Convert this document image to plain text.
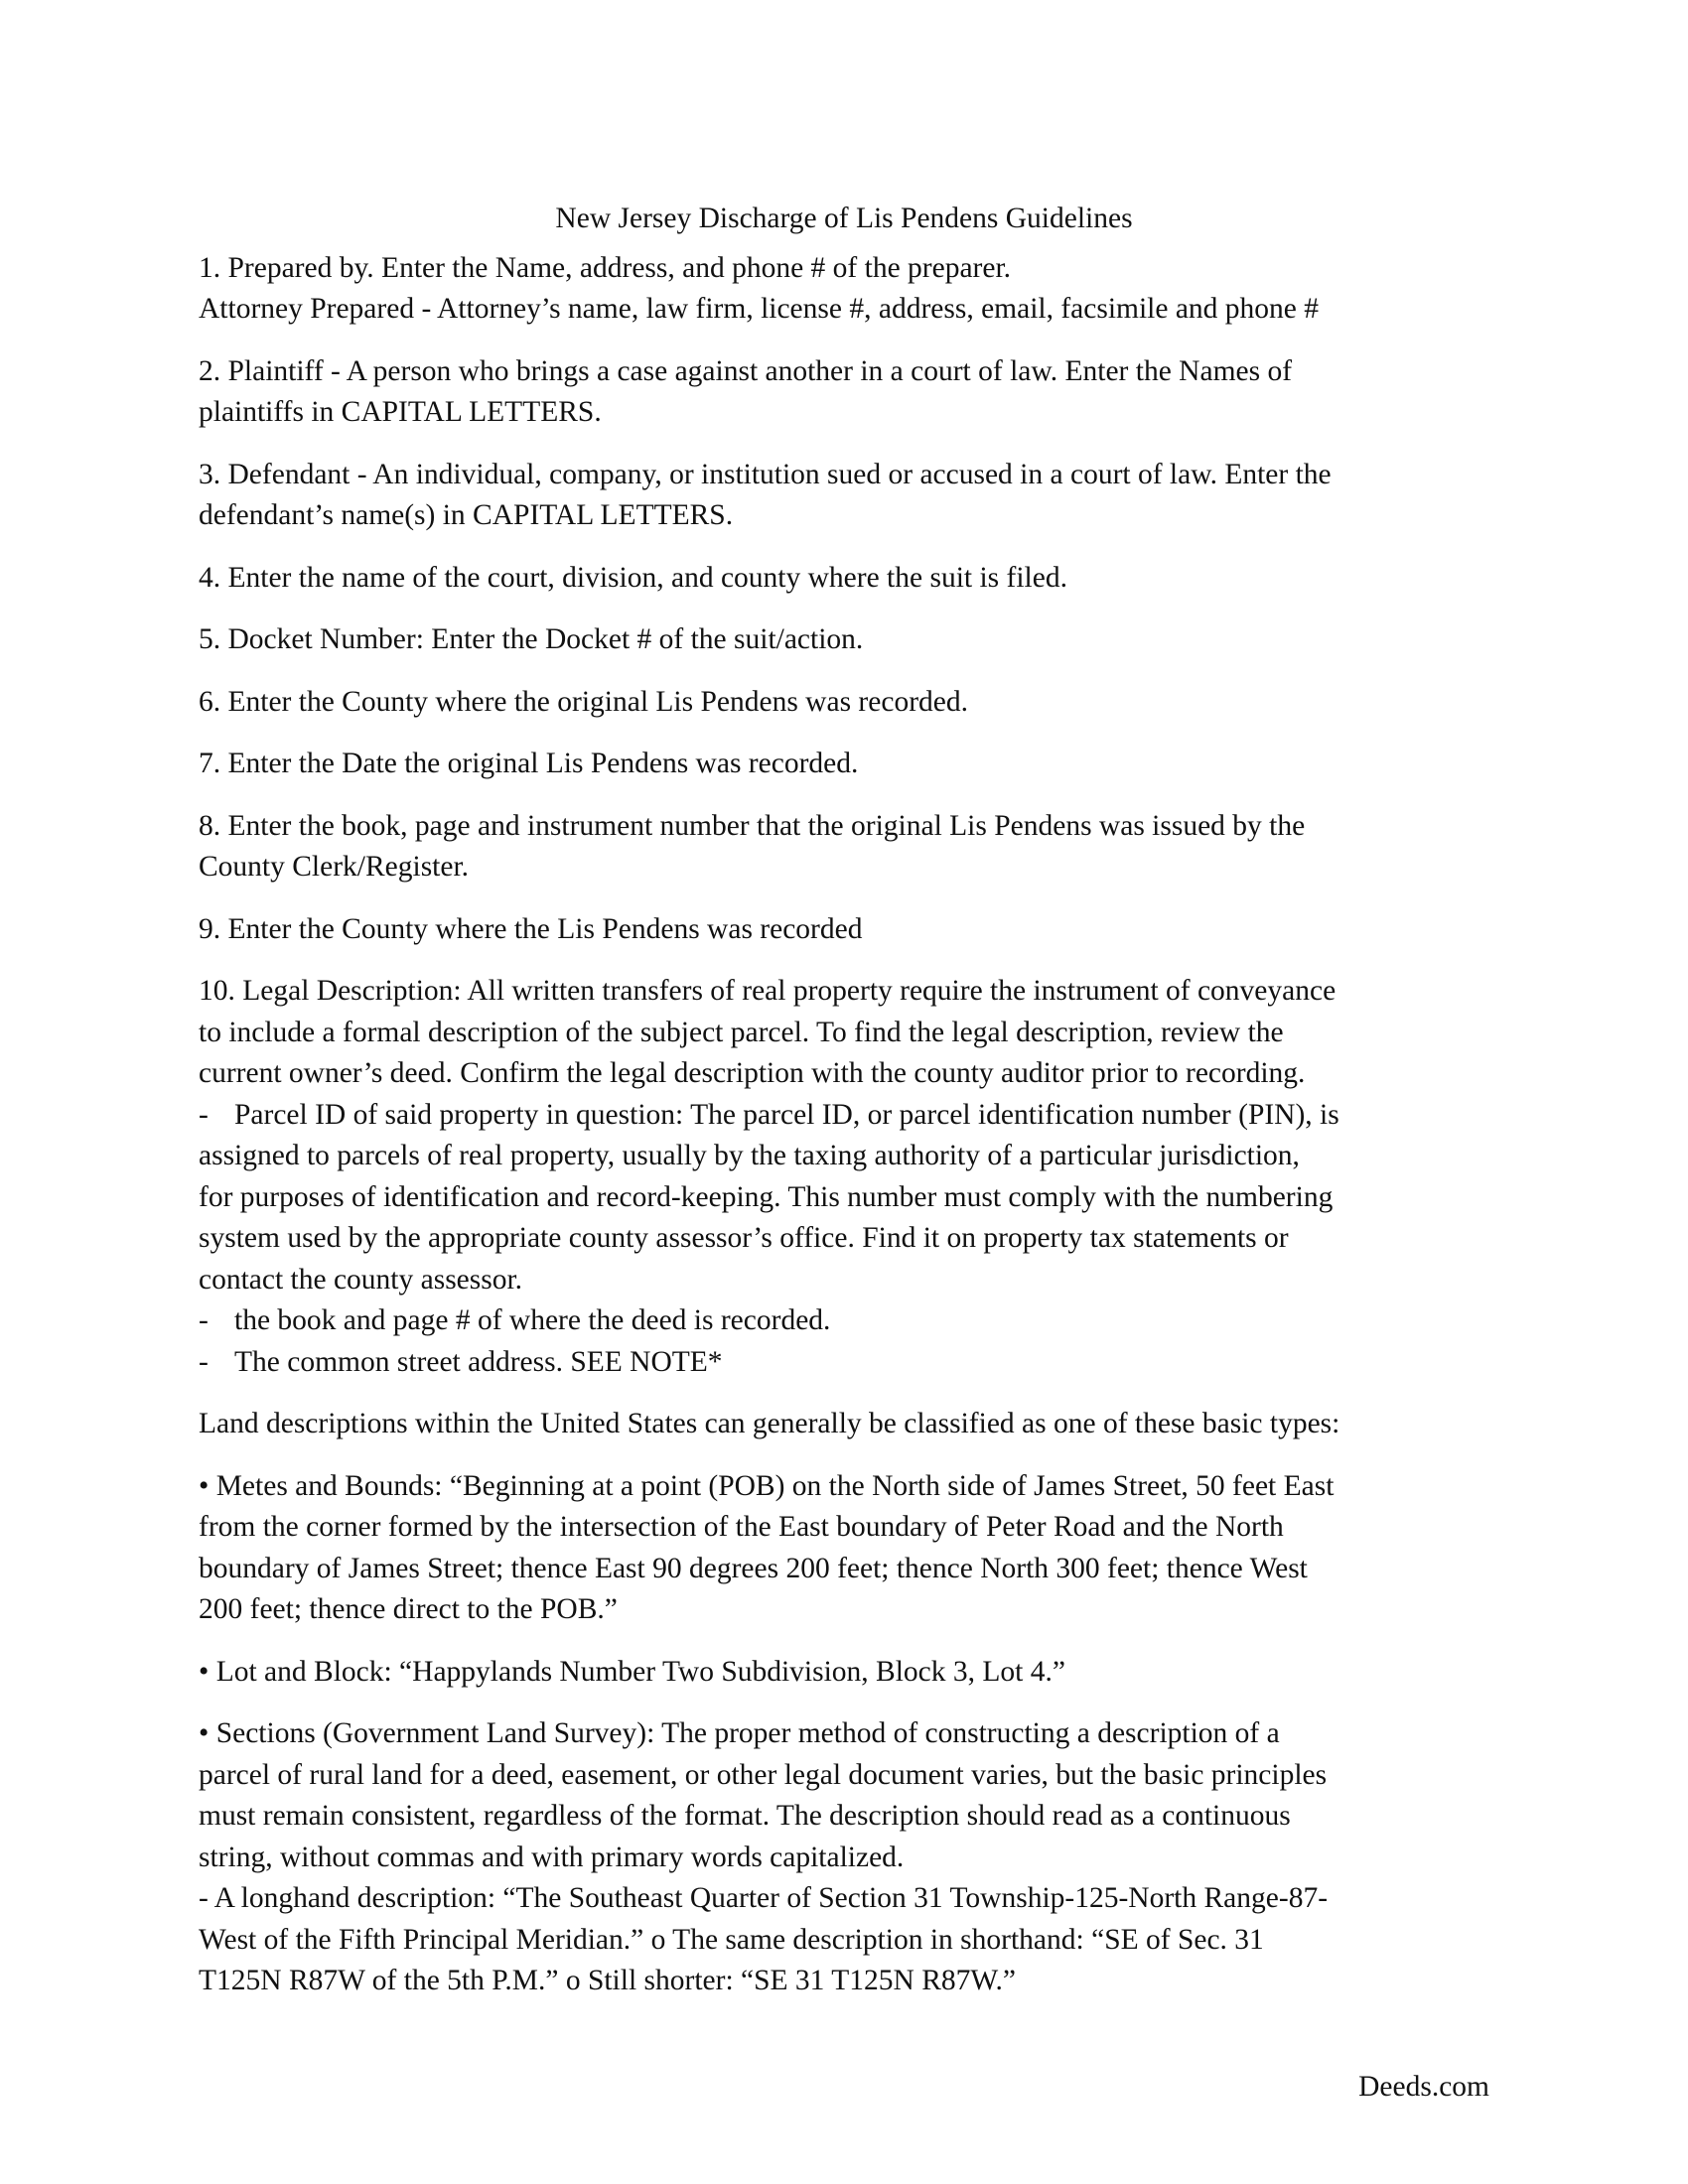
New Jersey Discharge of Lis Pendens Guidelines
1. Prepared by. Enter the Name, address, and phone # of the preparer.
Attorney Prepared - Attorney’s name, law firm, license #, address, email, facsimile and phone #
2. Plaintiff - A person who brings a case against another in a court of law. Enter the Names of
plaintiffs in CAPITAL LETTERS.
3. Defendant - An individual, company, or institution sued or accused in a court of law. Enter the
defendant’s name(s) in CAPITAL LETTERS.
4. Enter the name of the court, division, and county where the suit is filed.
5. Docket Number: Enter the Docket # of the suit/action.
6. Enter the County where the original Lis Pendens was recorded.
7. Enter the Date the original Lis Pendens was recorded.
8. Enter the book, page and instrument number that the original Lis Pendens was issued by the
County Clerk/Register.
9. Enter the County where the Lis Pendens was recorded
10. Legal Description: All written transfers of real property require the instrument of conveyance
to include a formal description of the subject parcel. To find the legal description, review the
current owner’s deed. Confirm the legal description with the county auditor prior to recording.
- Parcel ID of said property in question: The parcel ID, or parcel identification number (PIN), is
assigned to parcels of real property, usually by the taxing authority of a particular jurisdiction,
for purposes of identification and record-keeping. This number must comply with the numbering
system used by the appropriate county assessor’s office. Find it on property tax statements or
contact the county assessor.
- the book and page # of where the deed is recorded.
- The common street address. SEE NOTE*
Land descriptions within the United States can generally be classified as one of these basic types:
• Metes and Bounds: “Beginning at a point (POB) on the North side of James Street, 50 feet East
from the corner formed by the intersection of the East boundary of Peter Road and the North
boundary of James Street; thence East 90 degrees 200 feet; thence North 300 feet; thence West
200 feet; thence direct to the POB.”
• Lot and Block: “Happylands Number Two Subdivision, Block 3, Lot 4.”
• Sections (Government Land Survey): The proper method of constructing a description of a
parcel of rural land for a deed, easement, or other legal document varies, but the basic principles
must remain consistent, regardless of the format. The description should read as a continuous
string, without commas and with primary words capitalized.
- A longhand description: “The Southeast Quarter of Section 31 Township-125-North Range-87-
West of the Fifth Principal Meridian.” o The same description in shorthand: “SE of Sec. 31
T125N R87W of the 5th P.M.” o Still shorter: “SE 31 T125N R87W.”
Deeds.com
